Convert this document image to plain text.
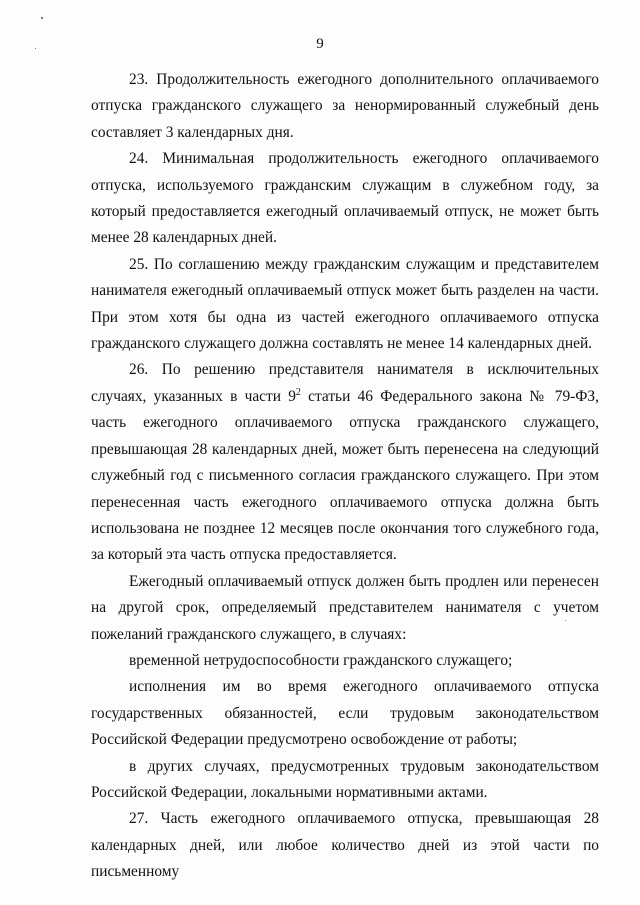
9

23. Продолжительность ежегодного дополнительного оплачиваемого отпуска гражданского служащего за ненормированный служебный день составляет 3 календарных дня.

24. Минимальная продолжительность ежегодного оплачиваемого отпуска, используемого гражданским служащим в служебном году, за который предоставляется ежегодный оплачиваемый отпуск, не может быть менее 28 календарных дней.

25. По соглашению между гражданским служащим и представителем нанимателя ежегодный оплачиваемый отпуск может быть разделен на части. При этом хотя бы одна из частей ежегодного оплачиваемого отпуска гражданского служащего должна составлять не менее 14 календарных дней.

26. По решению представителя нанимателя в исключительных случаях, указанных в части $9^2$ статьи 46 Федерального закона № 79-ФЗ, часть ежегодного оплачиваемого отпуска гражданского служащего, превышающая 28 календарных дней, может быть перенесена на следующий служебный год с письменного согласия гражданского служащего. При этом перенесенная часть ежегодного оплачиваемого отпуска должна быть использована не позднее 12 месяцев после окончания того служебного года, за который эта часть отпуска предоставляется.

Ежегодный оплачиваемый отпуск должен быть продлен или перенесен на другой срок, определяемый представителем нанимателя с учетом пожеланий гражданского служащего, в случаях:

временной нетрудоспособности гражданского служащего;

исполнения им во время ежегодного оплачиваемого отпуска государственных обязанностей, если трудовым законодательством Российской Федерации предусмотрено освобождение от работы;

в других случаях, предусмотренных трудовым законодательством Российской Федерации, локальными нормативными актами.

27. Часть ежегодного оплачиваемого отпуска, превышающая 28 календарных дней, или любое количество дней из этой части по письменному
